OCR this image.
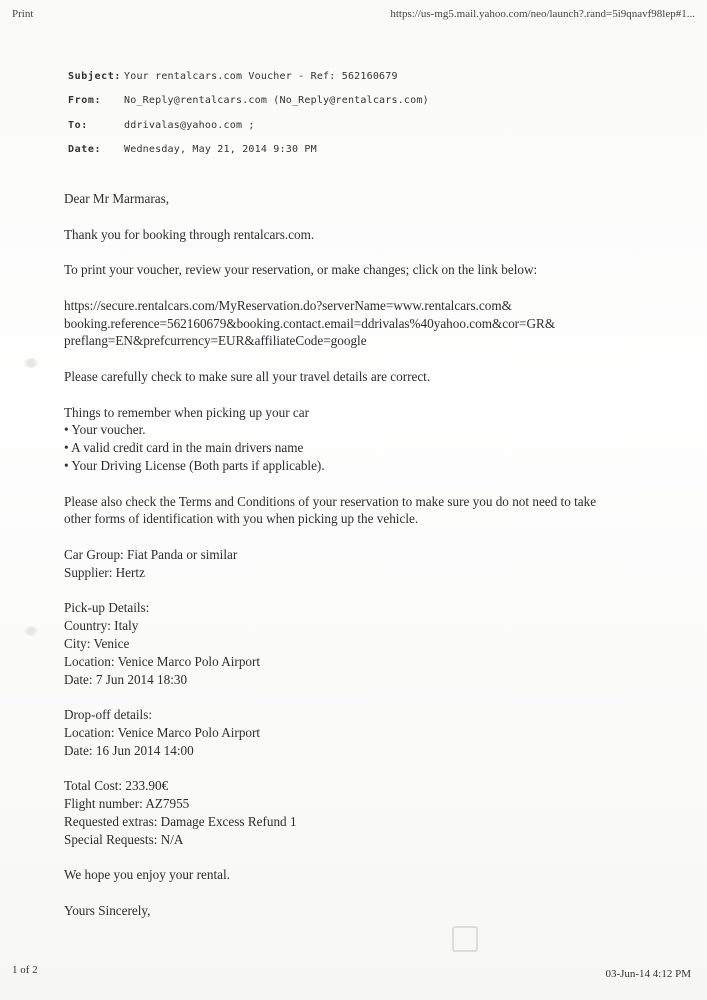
Print	https://us-mg5.mail.yahoo.com/neo/launch?.rand=5i9qnavf98lep#1...
Subject: Your rentalcars.com Voucher - Ref: 562160679
From:	No_Reply@rentalcars.com (No_Reply@rentalcars.com)
To:	ddrivalas@yahoo.com ;
Date:	Wednesday, May 21, 2014 9:30 PM

Dear Mr Marmaras,

Thank you for booking through rentalcars.com.

To print your voucher, review your reservation, or make changes; click on the link below:

https://secure.rentalcars.com/MyReservation.do?serverName=www.rentalcars.com&

booking.reference=562160679&booking.contact.email=ddrivalas%40yahoo.com&cor=GR&

preflang=EN&prefcurrency=EUR&affiliateCode=google

Please carefully check to make sure all your travel details are correct.

Things to remember when picking up your car

• Your voucher.

• A valid credit card in the main drivers name

• Your Driving License (Both parts if applicable).

Please also check the Terms and Conditions of your reservation to make sure you do not need to take

other forms of identification with you when picking up the vehicle.

Car Group: Fiat Panda or similar

Supplier: Hertz

Pick-up Details:

Country: Italy

City: Venice

Location: Venice Marco Polo Airport

Date: 7 Jun 2014 18:30

Drop-off details:

Location: Venice Marco Polo Airport

Date: 16 Jun 2014 14:00

Total Cost: 233.90€

Flight number: AZ7955

Requested extras: Damage Excess Refund 1

Special Requests: N/A

We hope you enjoy your rental.

Yours Sincerely,

1 of 2	03-Jun-14 4:12 PM
